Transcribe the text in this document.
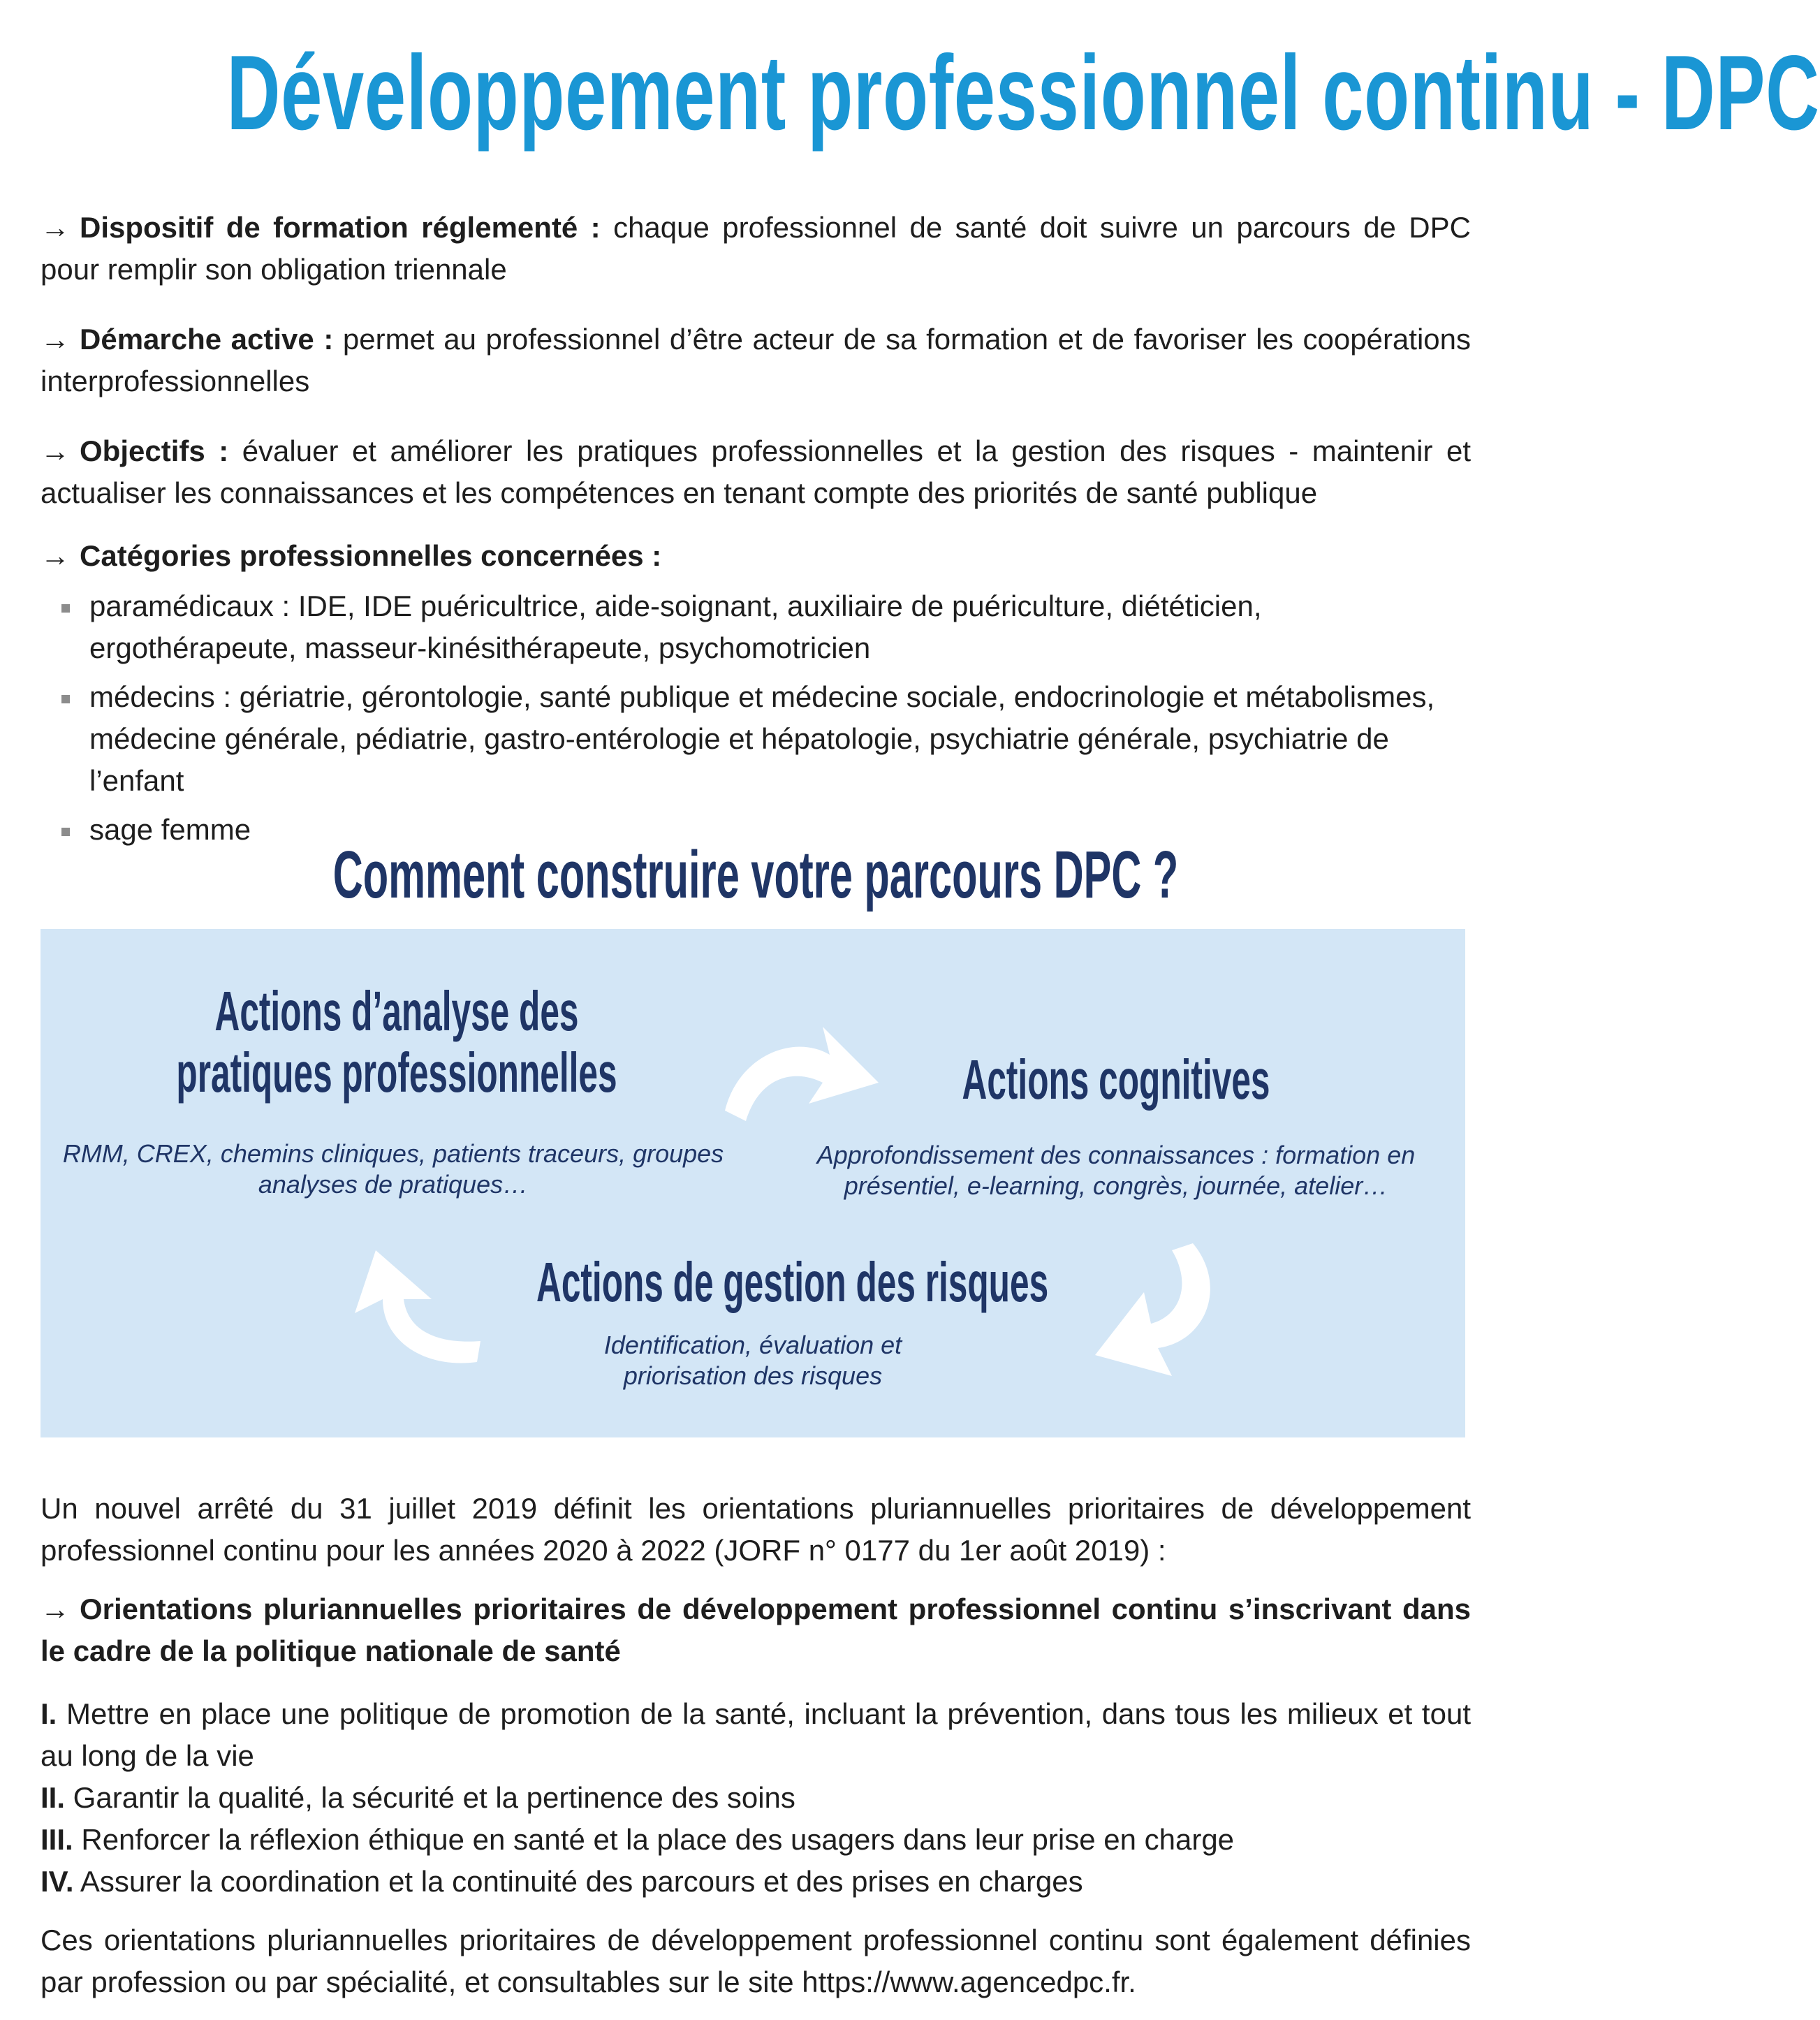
Développement professionnel continu - DPC
→ Dispositif de formation réglementé : chaque professionnel de santé doit suivre un parcours de DPC pour remplir son obligation triennale
→ Démarche active : permet au professionnel d’être acteur de sa formation et de favoriser les coopérations interprofessionnelles
→ Objectifs : évaluer et améliorer les pratiques professionnelles et la gestion des risques - maintenir et actualiser les connaissances et les compétences en tenant compte des priorités de santé publique
→ Catégories professionnelles concernées :
paramédicaux : IDE, IDE puéricultrice, aide-soignant, auxiliaire de puériculture, diététicien, ergothérapeute, masseur-kinésithérapeute, psychomotricien
médecins : gériatrie, gérontologie, santé publique et médecine sociale, endocrinologie et métabolismes, médecine générale, pédiatrie, gastro-entérologie et hépatologie, psychiatrie générale, psychiatrie de l’enfant
sage femme
Comment construire votre parcours DPC ?
Actions d’analyse des
pratiques professionnelles
RMM, CREX, chemins cliniques, patients traceurs, groupes
analyses de pratiques…
Actions cognitives
Approfondissement des connaissances : formation en
présentiel, e-learning, congrès, journée, atelier…
Actions de gestion des risques
Identification, évaluation et
priorisation des risques
Un nouvel arrêté du 31 juillet 2019 définit les orientations pluriannuelles prioritaires de développement professionnel continu pour les années 2020 à 2022 (JORF n° 0177 du 1er août 2019) :
→ Orientations pluriannuelles prioritaires de développement professionnel continu s’inscrivant dans le cadre de la politique nationale de santé
I. Mettre en place une politique de promotion de la santé, incluant la prévention, dans tous les milieux et tout au long de la vie
II. Garantir la qualité, la sécurité et la pertinence des soins
III. Renforcer la réflexion éthique en santé et la place des usagers dans leur prise en charge
IV. Assurer la coordination et la continuité des parcours et des prises en charges
Ces orientations pluriannuelles prioritaires de développement professionnel continu sont également définies par profession ou par spécialité, et consultables sur le site https://www.agencedpc.fr.
